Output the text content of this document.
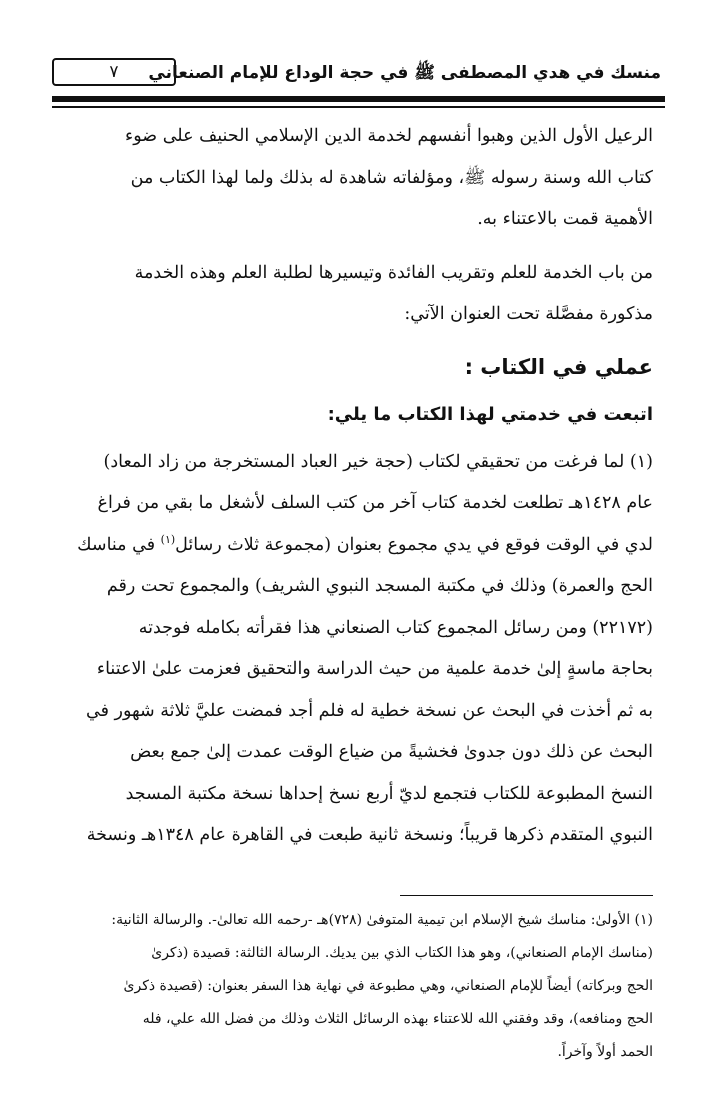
منسك في هدي المصطفى ﷺ في حجة الوداع للإمام الصنعاني
٧

الرعيل الأول الذين وهبوا أنفسهم لخدمة الدين الإسلامي الحنيف على ضوء
كتاب الله وسنة رسوله ﷺ، ومؤلفاته شاهدة له بذلك ولما لهذا الكتاب من
الأهمية قمت بالاعتناء به.

من باب الخدمة للعلم وتقريب الفائدة وتيسيرها لطلبة العلم وهذه الخدمة
مذكورة مفصَّلة تحت العنوان الآتي:

عملي في الكتاب :
اتبعت في خدمتي لهذا الكتاب ما يلي:

(١) لما فرغت من تحقيقي لكتاب (حجة خير العباد المستخرجة من زاد المعاد)
عام ١٤٢٨هـ تطلعت لخدمة كتاب آخر من كتب السلف لأشغل ما بقي من فراغ
لدي في الوقت فوقع في يدي مجموع بعنوان (مجموعة ثلاث رسائل$^{(١)}$ في مناسك
الحج والعمرة) وذلك في مكتبة المسجد النبوي الشريف) والمجموع تحت رقم
(٢٢١٧٢) ومن رسائل المجموع كتاب الصنعاني هذا فقرأته بكامله فوجدته
بحاجة ماسةٍ إلىٰ خدمة علمية من حيث الدراسة والتحقيق فعزمت علىٰ الاعتناء
به ثم أخذت في البحث عن نسخة خطية له فلم أجد فمضت عليَّ ثلاثة شهور في
البحث عن ذلك دون جدوىٰ فخشيةً من ضياع الوقت عمدت إلىٰ جمع بعض
النسخ المطبوعة للكتاب فتجمع لديّ أربع نسخ إحداها نسخة مكتبة المسجد
النبوي المتقدم ذكرها قريباً؛ ونسخة ثانية طبعت في القاهرة عام ١٣٤٨هـ ونسخة

(١) الأولىٰ: مناسك شيخ الإسلام ابن تيمية المتوفىٰ (٧٢٨)هـ -رحمه الله تعالىٰ-. والرسالة الثانية:
(مناسك الإمام الصنعاني)، وهو هذا الكتاب الذي بين يديك. الرسالة الثالثة: قصيدة (ذكرىٰ
الحج وبركاته) أيضاً للإمام الصنعاني، وهي مطبوعة في نهاية هذا السفر بعنوان: (قصيدة ذكرىٰ
الحج ومنافعه)، وقد وفقني الله للاعتناء بهذه الرسائل الثلاث وذلك من فضل الله علي، فله
الحمد أولاً وآخراً.
